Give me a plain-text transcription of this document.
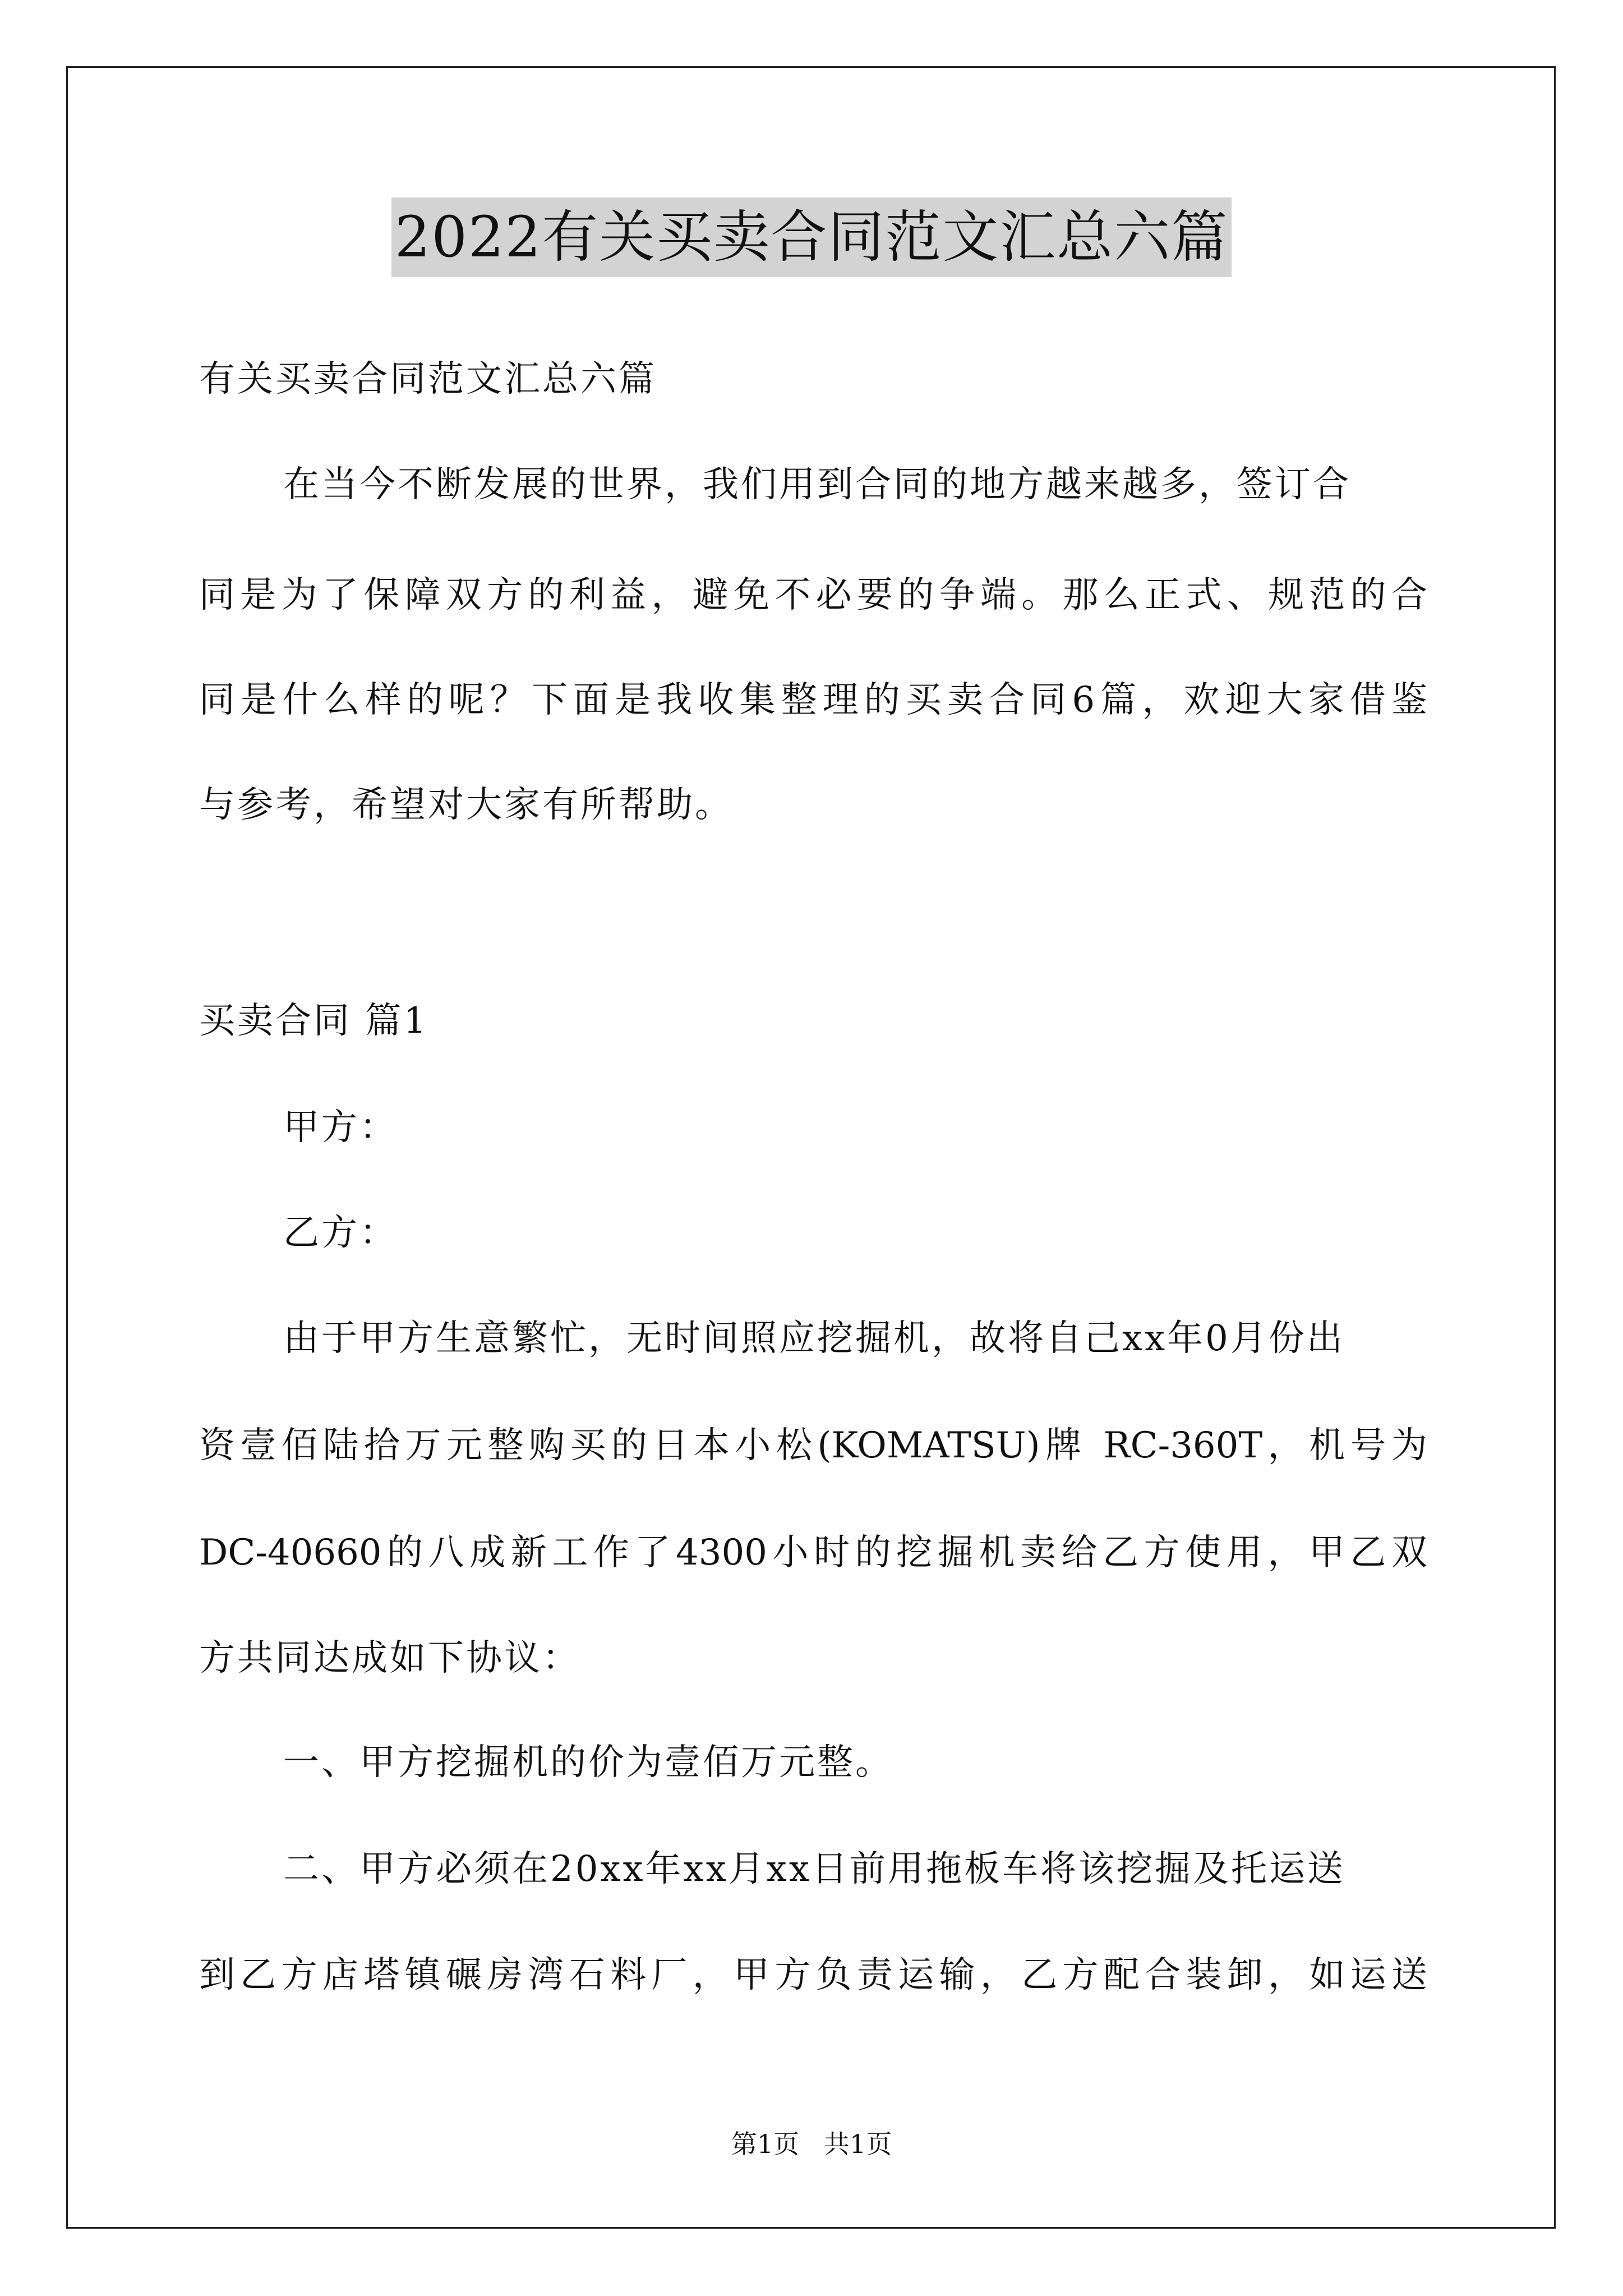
2022有关买卖合同范文汇总六篇
有关买卖合同范文汇总六篇
在当今不断发展的世界，我们用到合同的地方越来越多，签订合
同是为了保障双方的利益，避免不必要的争端。那么正式、规范的合
同是什么样的呢？下面是我收集整理的买卖合同6篇，欢迎大家借鉴
与参考，希望对大家有所帮助。
买卖合同 篇1
甲方：
乙方：
由于甲方生意繁忙，无时间照应挖掘机，故将自己xx年0月份出
资壹佰陆拾万元整购买的日本小松(KOMATSU)牌 RC-360T，机号为
DC-40660的八成新工作了4300小时的挖掘机卖给乙方使用，甲乙双
方共同达成如下协议：
一、甲方挖掘机的价为壹佰万元整。
二、甲方必须在20xx年xx月xx日前用拖板车将该挖掘及托运送
到乙方店塔镇碾房湾石料厂，甲方负责运输，乙方配合装卸，如运送
第1页   共1页
